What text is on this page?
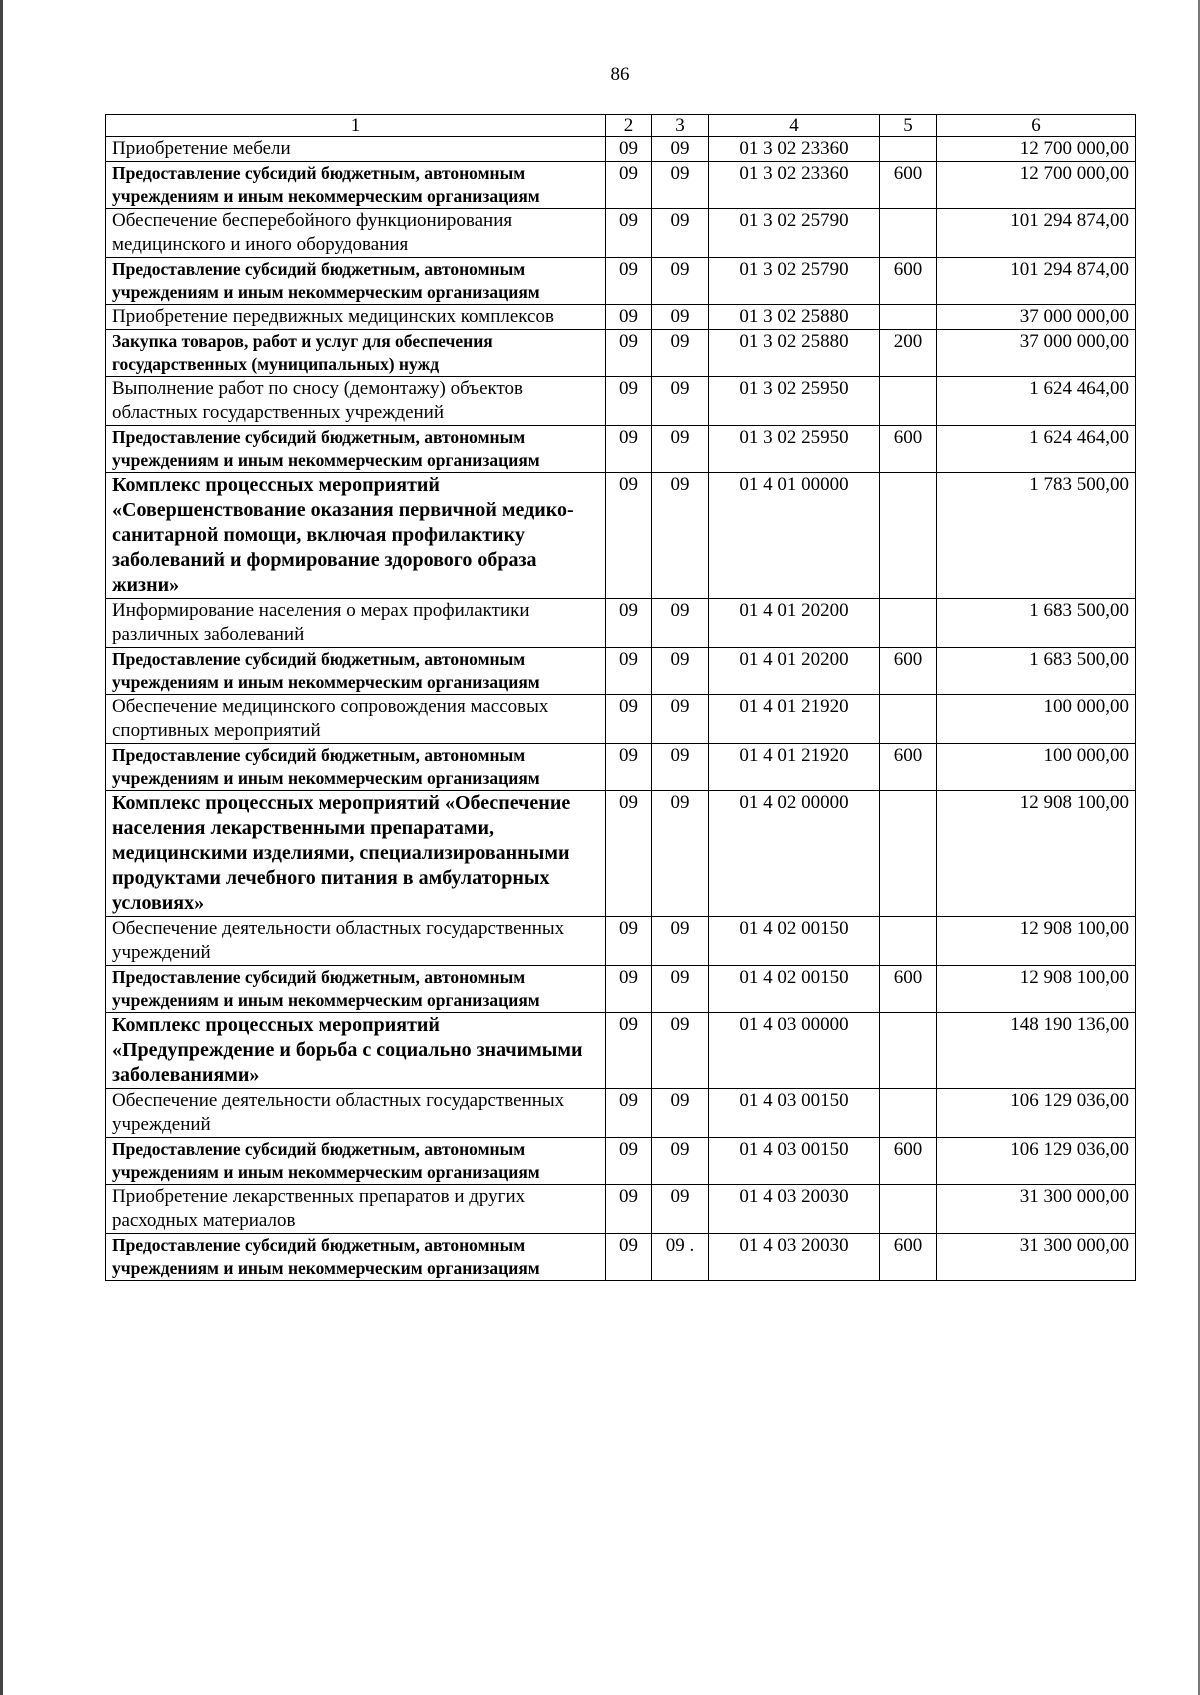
86
1	2	3	4	5	6
Приобретение мебели	09	09	01 3 02 23360		12 700 000,00
Предоставление субсидий бюджетным, автономным учреждениям и иным некоммерческим организациям	09	09	01 3 02 23360	600	12 700 000,00
Обеспечение бесперебойного функционирования медицинского и иного оборудования	09	09	01 3 02 25790		101 294 874,00
Предоставление субсидий бюджетным, автономным учреждениям и иным некоммерческим организациям	09	09	01 3 02 25790	600	101 294 874,00
Приобретение передвижных медицинских комплексов	09	09	01 3 02 25880		37 000 000,00
Закупка товаров, работ и услуг для обеспечения государственных (муниципальных) нужд	09	09	01 3 02 25880	200	37 000 000,00
Выполнение работ по сносу (демонтажу) объектов областных государственных учреждений	09	09	01 3 02 25950		1 624 464,00
Предоставление субсидий бюджетным, автономным учреждениям и иным некоммерческим организациям	09	09	01 3 02 25950	600	1 624 464,00
Комплекс процессных мероприятий «Совершенствование оказания первичной медико-санитарной помощи, включая профилактику заболеваний и формирование здорового образа жизни»	09	09	01 4 01 00000		1 783 500,00
Информирование населения о мерах профилактики различных заболеваний	09	09	01 4 01 20200		1 683 500,00
Предоставление субсидий бюджетным, автономным учреждениям и иным некоммерческим организациям	09	09	01 4 01 20200	600	1 683 500,00
Обеспечение медицинского сопровождения массовых спортивных мероприятий	09	09	01 4 01 21920		100 000,00
Предоставление субсидий бюджетным, автономным учреждениям и иным некоммерческим организациям	09	09	01 4 01 21920	600	100 000,00
Комплекс процессных мероприятий «Обеспечение населения лекарственными препаратами, медицинскими изделиями, специализированными продуктами лечебного питания в амбулаторных условиях»	09	09	01 4 02 00000		12 908 100,00
Обеспечение деятельности областных государственных учреждений	09	09	01 4 02 00150		12 908 100,00
Предоставление субсидий бюджетным, автономным учреждениям и иным некоммерческим организациям	09	09	01 4 02 00150	600	12 908 100,00
Комплекс процессных мероприятий «Предупреждение и борьба с социально значимыми заболеваниями»	09	09	01 4 03 00000		148 190 136,00
Обеспечение деятельности областных государственных учреждений	09	09	01 4 03 00150		106 129 036,00
Предоставление субсидий бюджетным, автономным учреждениям и иным некоммерческим организациям	09	09	01 4 03 00150	600	106 129 036,00
Приобретение лекарственных препаратов и других расходных материалов	09	09	01 4 03 20030		31 300 000,00
Предоставление субсидий бюджетным, автономным учреждениям и иным некоммерческим организациям	09	09 .	01 4 03 20030	600	31 300 000,00
